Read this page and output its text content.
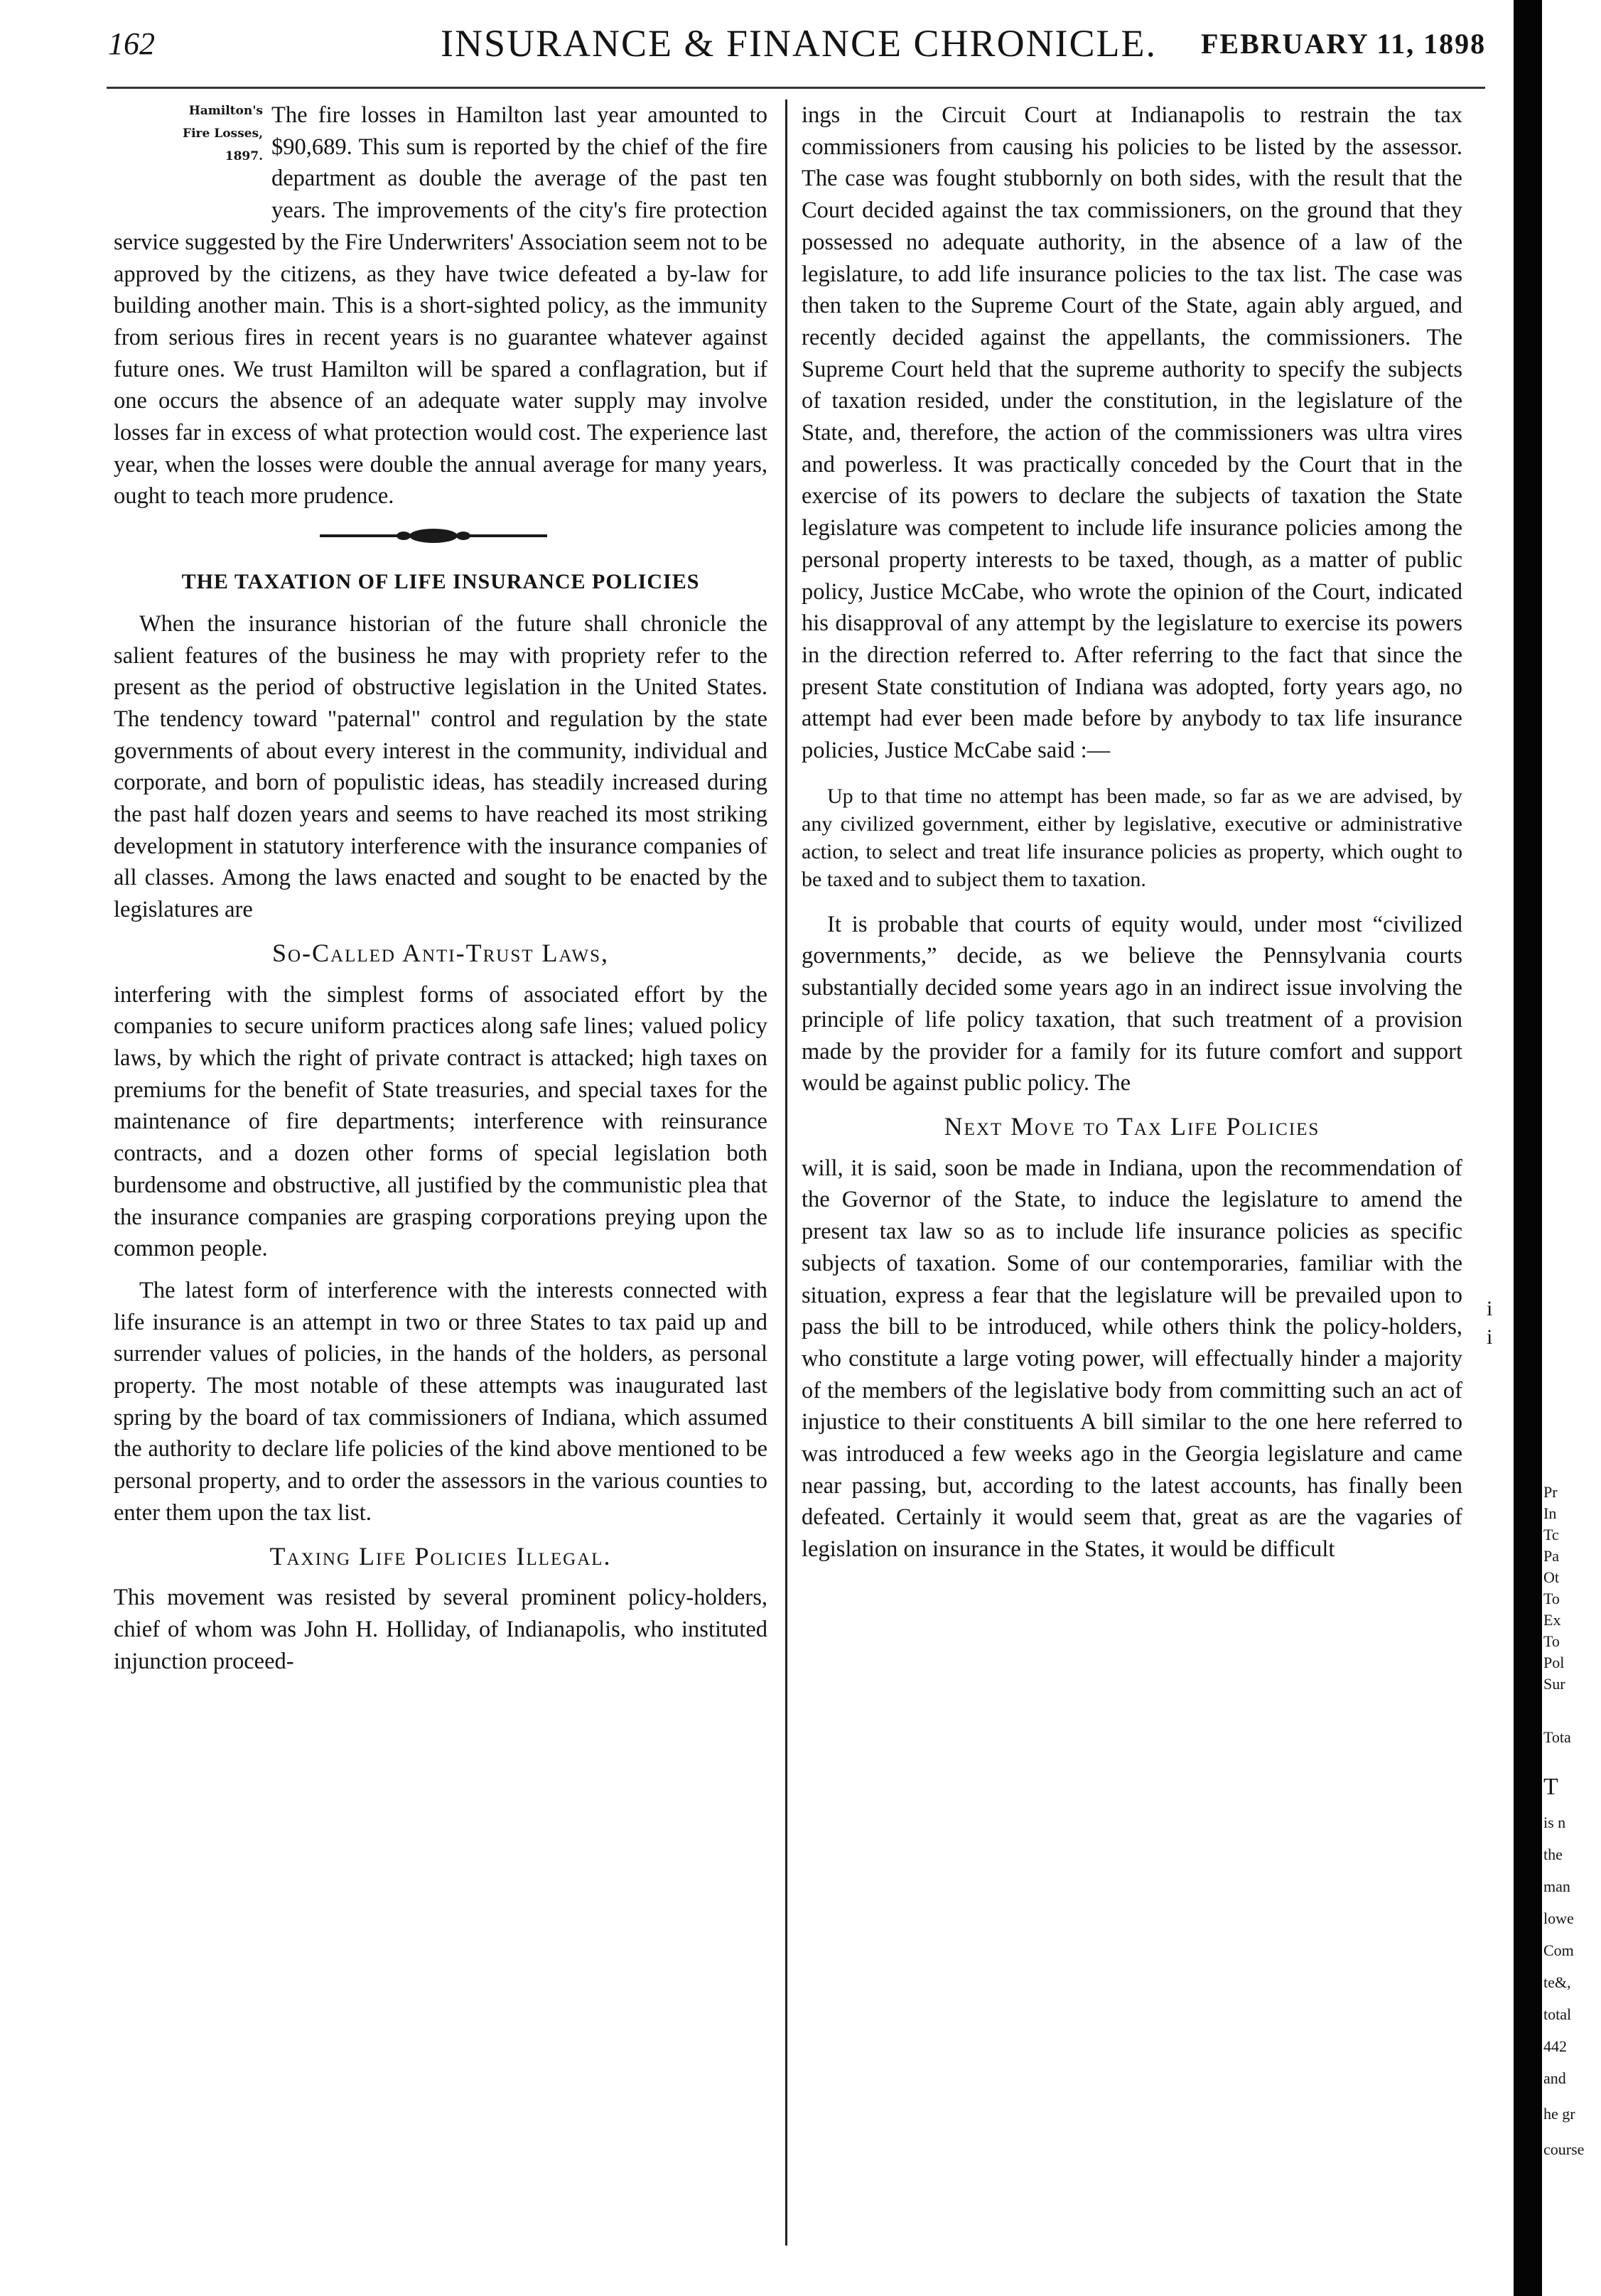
162	INSURANCE & FINANCE CHRONICLE. FEBRUARY 11, 1898
Hamilton's
Fire Losses,
1897.

The fire losses in Hamilton last year amounted to $90,689. This sum is reported by the chief of the fire department as double the average of the past ten years. The improvements of the city's fire protection service suggested by the Fire Underwriters' Association seem not to be approved by the citizens, as they have twice defeated a by-law for building another main. This is a short-sighted policy, as the immunity from serious fires in recent years is no guarantee whatever against future ones. We trust Hamilton will be spared a conflagration, but if one occurs the absence of an adequate water supply may involve losses far in excess of what protection would cost. The experience last year, when the losses were double the annual average for many years, ought to teach more prudence.

THE TAXATION OF LIFE INSURANCE POLICIES

When the insurance historian of the future shall chronicle the salient features of the business he may with propriety refer to the present as the period of obstructive legislation in the United States. The tendency toward "paternal" control and regulation by the state governments of about every interest in the community, individual and corporate, and born of populistic ideas, has steadily increased during the past half dozen years and seems to have reached its most striking development in statutory interference with the insurance companies of all classes. Among the laws enacted and sought to be enacted by the legislatures are

So-Called Anti-Trust Laws,

interfering with the simplest forms of associated effort by the companies to secure uniform practices along safe lines; valued policy laws, by which the right of private contract is attacked; high taxes on premiums for the benefit of State treasuries, and special taxes for the maintenance of fire departments; interference with reinsurance contracts, and a dozen other forms of special legislation both burdensome and obstructive, all justified by the communistic plea that the insurance companies are grasping corporations preying upon the common people.

The latest form of interference with the interests connected with life insurance is an attempt in two or three States to tax paid up and surrender values of policies, in the hands of the holders, as personal property. The most notable of these attempts was inaugurated last spring by the board of tax commissioners of Indiana, which assumed the authority to declare life policies of the kind above mentioned to be personal property, and to order the assessors in the various counties to enter them upon the tax list.

Taxing Life Policies Illegal.

This movement was resisted by several prominent policy-holders, chief of whom was John H. Holliday, of Indianapolis, who instituted injunction proceed-

ings in the Circuit Court at Indianapolis to restrain the tax commissioners from causing his policies to be listed by the assessor. The case was fought stubbornly on both sides, with the result that the Court decided against the tax commissioners, on the ground that they possessed no adequate authority, in the absence of a law of the legislature, to add life insurance policies to the tax list. The case was then taken to the Supreme Court of the State, again ably argued, and recently decided against the appellants, the commissioners. The Supreme Court held that the supreme authority to specify the subjects of taxation resided, under the constitution, in the legislature of the State, and, therefore, the action of the commissioners was ultra vires and powerless. It was practically conceded by the Court that in the exercise of its powers to declare the subjects of taxation the State legislature was competent to include life insurance policies among the personal property interests to be taxed, though, as a matter of public policy, Justice McCabe, who wrote the opinion of the Court, indicated his disapproval of any attempt by the legislature to exercise its powers in the direction referred to. After referring to the fact that since the present State constitution of Indiana was adopted, forty years ago, no attempt had ever been made before by anybody to tax life insurance policies, Justice McCabe said :—

Up to that time no attempt has been made, so far as we are advised, by any civilized government, either by legislative, executive or administrative action, to select and treat life insurance policies as property, which ought to be taxed and to subject them to taxation.

It is probable that courts of equity would, under most “civilized governments,” decide, as we believe the Pennsylvania courts substantially decided some years ago in an indirect issue involving the principle of life policy taxation, that such treatment of a provision made by the provider for a family for its future comfort and support would be against public policy. The

Next Move to Tax Life Policies

will, it is said, soon be made in Indiana, upon the recommendation of the Governor of the State, to induce the legislature to amend the present tax law so as to include life insurance policies as specific subjects of taxation. Some of our contemporaries, familiar with the situation, express a fear that the legislature will be prevailed upon to pass the bill to be introduced, while others think the policy-holders, who constitute a large voting power, will effectually hinder a majority of the members of the legislative body from committing such an act of injustice to their constituents A bill similar to the one here referred to was introduced a few weeks ago in the Georgia legislature and came near passing, but, according to the latest accounts, has finally been defeated. Certainly it would seem that, great as are the vagaries of legislation on insurance in the States, it would be difficult

i
i
Pr
In
Tc
Pa
Ot
To
Ex
To
Pol
Sur
Tota
T
is n
the
man
lowe
Com
te&,
total
442
and
he gr
course
